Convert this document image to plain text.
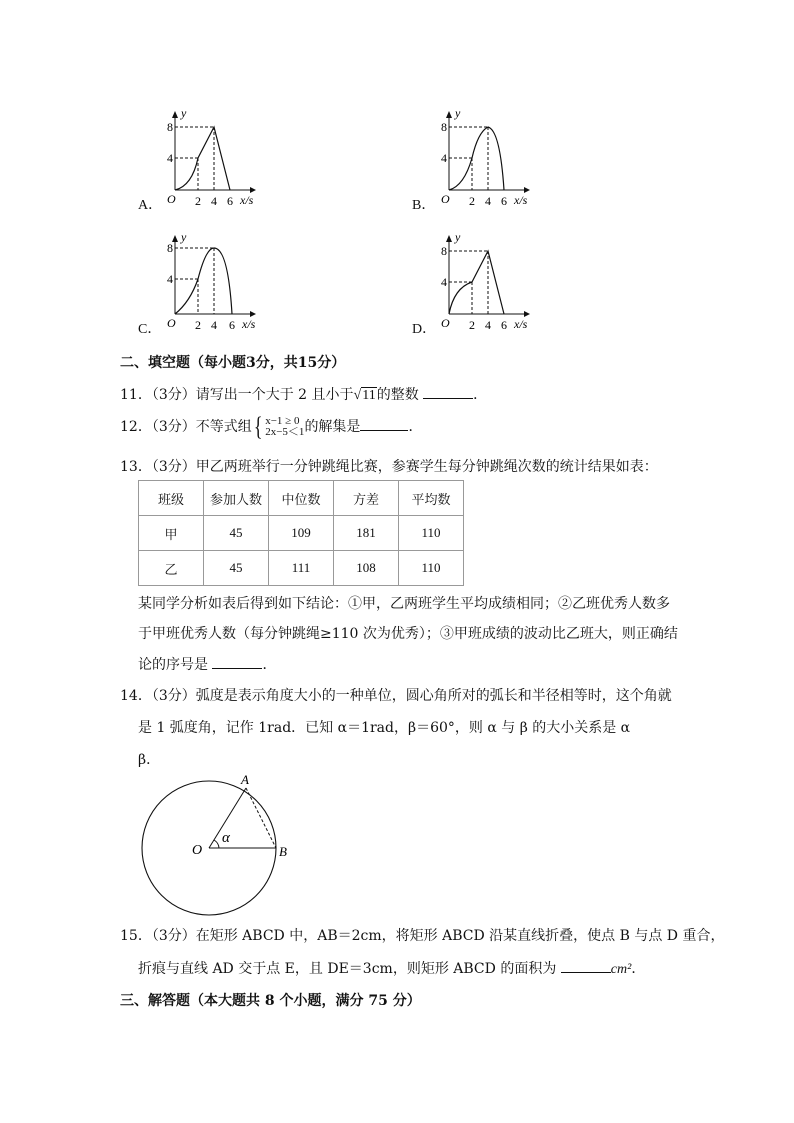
8
4
2 4 6
O
y
x/s
A．
8
4
2 4 6
O
y
x/s
B．
8
4
2 4 6
O
y
x/s
C．
8
4
2 4 6
O
y
x/s
D．
二、填空题（每小题3分，共15分）
11．（3分）请写出一个大于 2 且小于√11的整数	．
12．（3分）不等式组 { x−1 ≥ 0
2x−5＜1 的解集是	．
13．（3分）甲乙两班举行一分钟跳绳比赛，参赛学生每分钟跳绳次数的统计结果如表：
班级	参加人数	中位数	方差	平均数
甲	45	109	181	110
乙	45	111	108	110
某同学分析如表后得到如下结论：①甲，乙两班学生平均成绩相同；②乙班优秀人数多
于甲班优秀人数（每分钟跳绳≥110 次为优秀）；③甲班成绩的波动比乙班大，则正确结
论的序号是	．
14．（3分）弧度是表示角度大小的一种单位，圆心角所对的弧长和半径相等时，这个角就
是 1 弧度角，记作 1rad．已知 α＝1rad，β＝60°，则 α 与 β 的大小关系是 α
β．
O
A
B
α
15．（3分）在矩形 ABCD 中，AB＝2cm，将矩形 ABCD 沿某直线折叠，使点 B 与点 D 重合，
折痕与直线 AD 交于点 E，且 DE＝3cm，则矩形 ABCD 的面积为	cm²．
三、解答题（本大题共 8 个小题，满分 75 分）
